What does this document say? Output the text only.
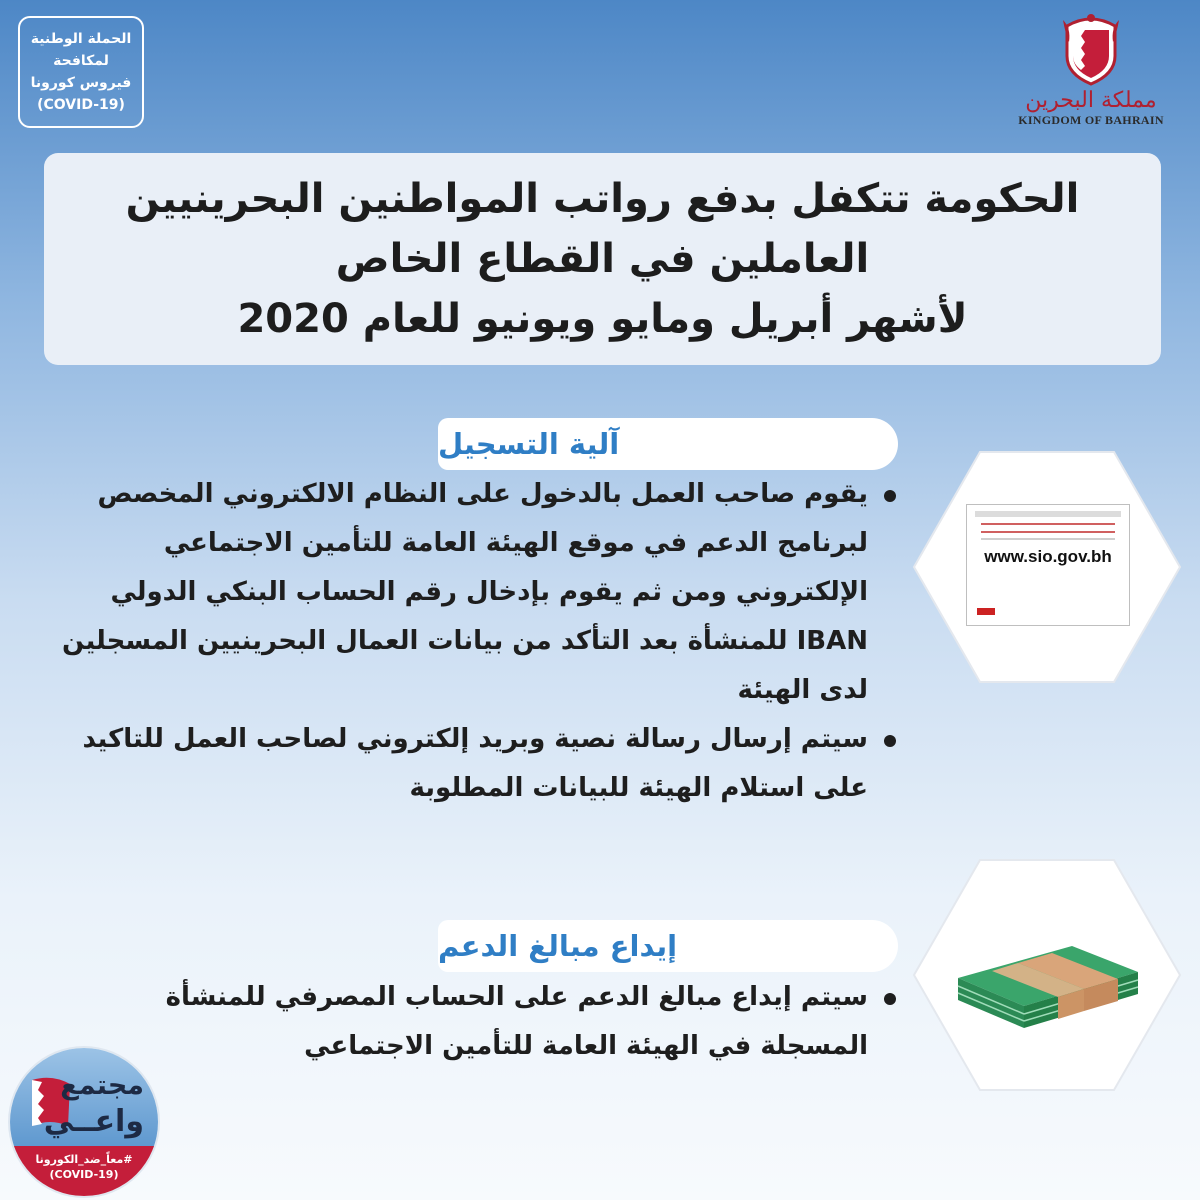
الحملة الوطنية
لمكافحة
فيروس كورونا
(COVID-19)	مملكة البحرين
KINGDOM OF BAHRAIN
الحكومة تتكفل بدفع رواتب المواطنين البحرينيين
العاملين في القطاع الخاص
لأشهر أبريل ومايو ويونيو للعام 2020
آلية التسجيل
يقوم صاحب العمل بالدخول على النظام الالكتروني المخصص لبرنامج الدعم في موقع الهيئة العامة للتأمين الاجتماعي الإلكتروني ومن ثم يقوم بإدخال رقم الحساب البنكي الدولي IBAN للمنشأة بعد التأكد من بيانات العمال البحرينيين المسجلين لدى الهيئة
سيتم إرسال رسالة نصية وبريد إلكتروني لصاحب العمل للتاكيد على استلام الهيئة للبيانات المطلوبة
www.sio.gov.bh
إيداع مبالغ الدعم
سيتم إيداع مبالغ الدعم على الحساب المصرفي للمنشأة المسجلة في الهيئة العامة للتأمين الاجتماعي
مجتمع
واعــي
#معاً_ضد_الكورونا
(COVID-19)
